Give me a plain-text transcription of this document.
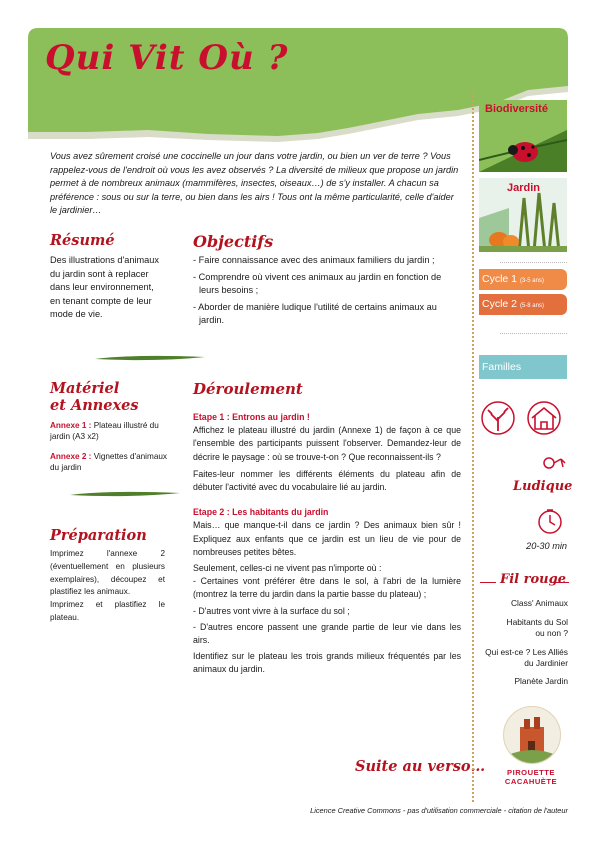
Qui Vit Où ?
Vous avez sûrement croisé une coccinelle un jour dans votre jardin, ou bien un ver de terre ? Vous rappelez-vous de l'endroit où vous les avez observés ? La diversité de milieux que propose un jardin permet à de nombreux animaux (mammifères, insectes, oiseaux…) de s'y installer. A chacun sa préférence : sous ou sur la terre, ou bien dans les airs ! Tous ont la même particularité, celle d'aider le jardinier…
Résumé
Des illustrations d'animaux du jardin sont à replacer dans leur environnement, en tenant compte de leur mode de vie.
Objectifs
- Faire connaissance avec des animaux familiers du jardin ;
- Comprendre où vivent ces animaux au jardin en fonction de leurs besoins ;
- Aborder de manière ludique l'utilité de certains animaux au jardin.
Matériel
et Annexes
Annexe 1 : Plateau illustré du jardin (A3 x2)
Annexe 2 : Vignettes d'animaux du jardin
Préparation
Imprimez l'annexe 2 (éventuellement en plusieurs exemplaires), découpez et plastifiez les animaux.
Imprimez et plastifiez le plateau.
Déroulement
Etape 1 : Entrons au jardin !
Affichez le plateau illustré du jardin (Annexe 1) de façon à ce que l'ensemble des participants puissent l'observer. Demandez-leur de décrire le paysage : où se trouve-t-on ? Que reconnaissent-ils ?
Faites-leur nommer les différents éléments du plateau afin de débuter l'activité avec du vocabulaire lié au jardin.
Etape 2 : Les habitants du jardin
Mais… que manque-t-il dans ce jardin ? Des animaux bien sûr ! Expliquez aux enfants que ce jardin est un lieu de vie pour de nombreuses petites bêtes.
Seulement, celles-ci ne vivent pas n'importe où :
- Certaines vont préférer être dans le sol, à l'abri de la lumière (montrez la terre du jardin dans la partie basse du plateau) ;
- D'autres vont vivre à la surface du sol ;
- D'autres encore passent une grande partie de leur vie dans les airs.
Identifiez sur le plateau les trois grands milieux fréquentés par les animaux du jardin.
Suite au verso…
Biodiversité
Jardin
Cycle 1 (3-5 ans)
Cycle 2 (5-8 ans)
Familles
Ludique
20-30 min
Fil rouge
Class' Animaux
Habitants du Sol ou non ?
Qui est-ce ? Les Alliés du Jardinier
Planète Jardin
PIROUETTE
CACAHUÈTE
Licence Creative Commons - pas d'utilisation commerciale - citation de l'auteur
